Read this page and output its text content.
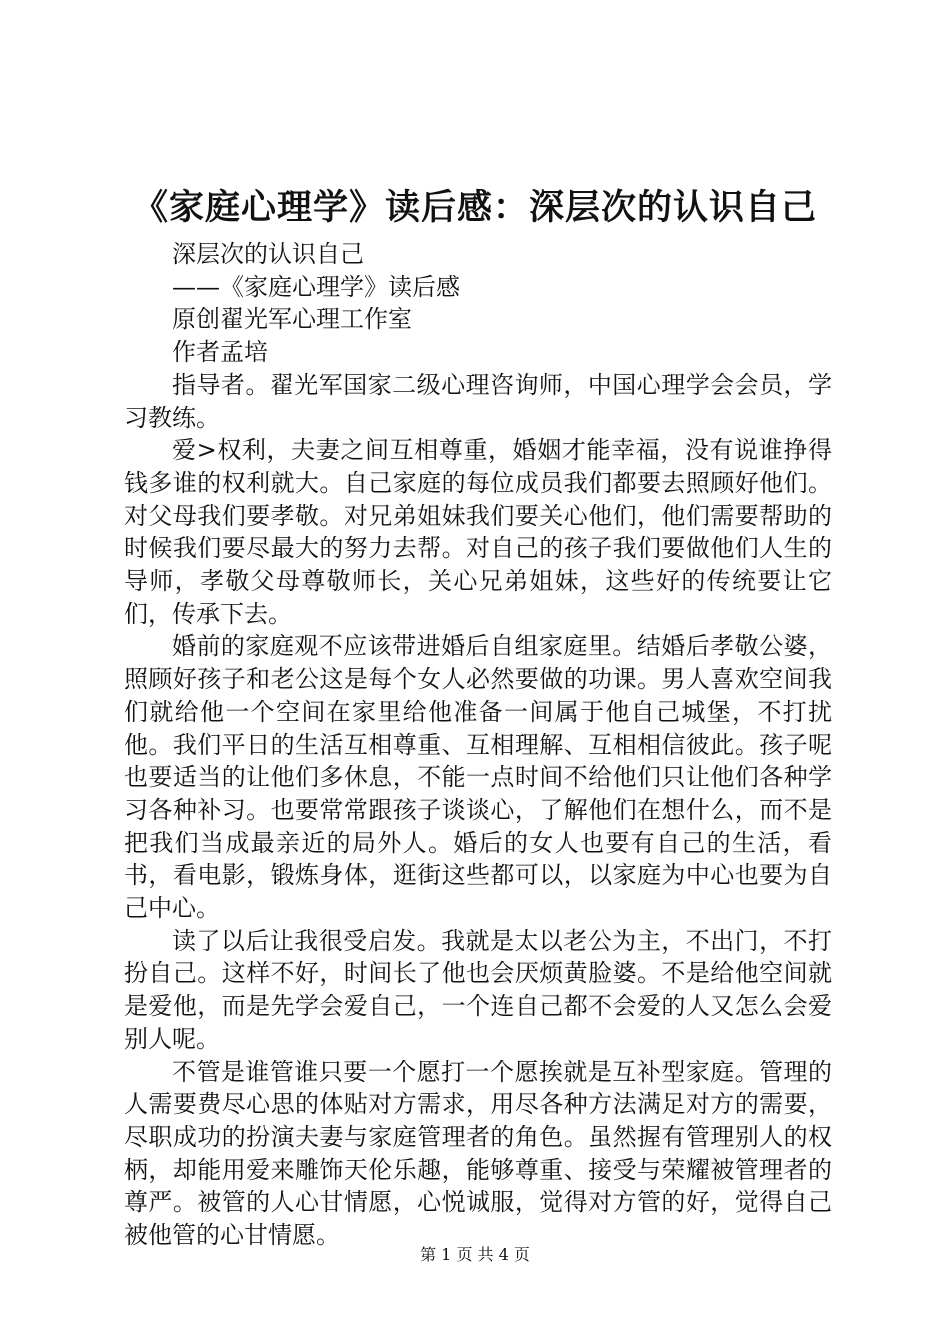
《家庭心理学》读后感：深层次的认识自己

深层次的认识自己

——《家庭心理学》读后感

原创翟光军心理工作室

作者孟培

指导者。翟光军国家二级心理咨询师，中国心理学会会员，学习教练。

爱>权利，夫妻之间互相尊重，婚姻才能幸福，没有说谁挣得钱多谁的权利就大。自己家庭的每位成员我们都要去照顾好他们。对父母我们要孝敬。对兄弟姐妹我们要关心他们，他们需要帮助的时候我们要尽最大的努力去帮。对自己的孩子我们要做他们人生的导师，孝敬父母尊敬师长，关心兄弟姐妹，这些好的传统要让它们，传承下去。

婚前的家庭观不应该带进婚后自组家庭里。结婚后孝敬公婆，照顾好孩子和老公这是每个女人必然要做的功课。男人喜欢空间我们就给他一个空间在家里给他准备一间属于他自己城堡，不打扰他。我们平日的生活互相尊重、互相理解、互相相信彼此。孩子呢也要适当的让他们多休息，不能一点时间不给他们只让他们各种学习各种补习。也要常常跟孩子谈谈心，了解他们在想什么，而不是把我们当成最亲近的局外人。婚后的女人也要有自己的生活，看书，看电影，锻炼身体，逛街这些都可以，以家庭为中心也要为自己中心。

读了以后让我很受启发。我就是太以老公为主，不出门，不打扮自己。这样不好，时间长了他也会厌烦黄脸婆。不是给他空间就是爱他，而是先学会爱自己，一个连自己都不会爱的人又怎么会爱别人呢。

不管是谁管谁只要一个愿打一个愿挨就是互补型家庭。管理的人需要费尽心思的体贴对方需求，用尽各种方法满足对方的需要，尽职成功的扮演夫妻与家庭管理者的角色。虽然握有管理别人的权柄，却能用爱来雕饰天伦乐趣，能够尊重、接受与荣耀被管理者的尊严。被管的人心甘情愿，心悦诚服，觉得对方管的好，觉得自己被他管的心甘情愿。

第 1 页 共 4 页
